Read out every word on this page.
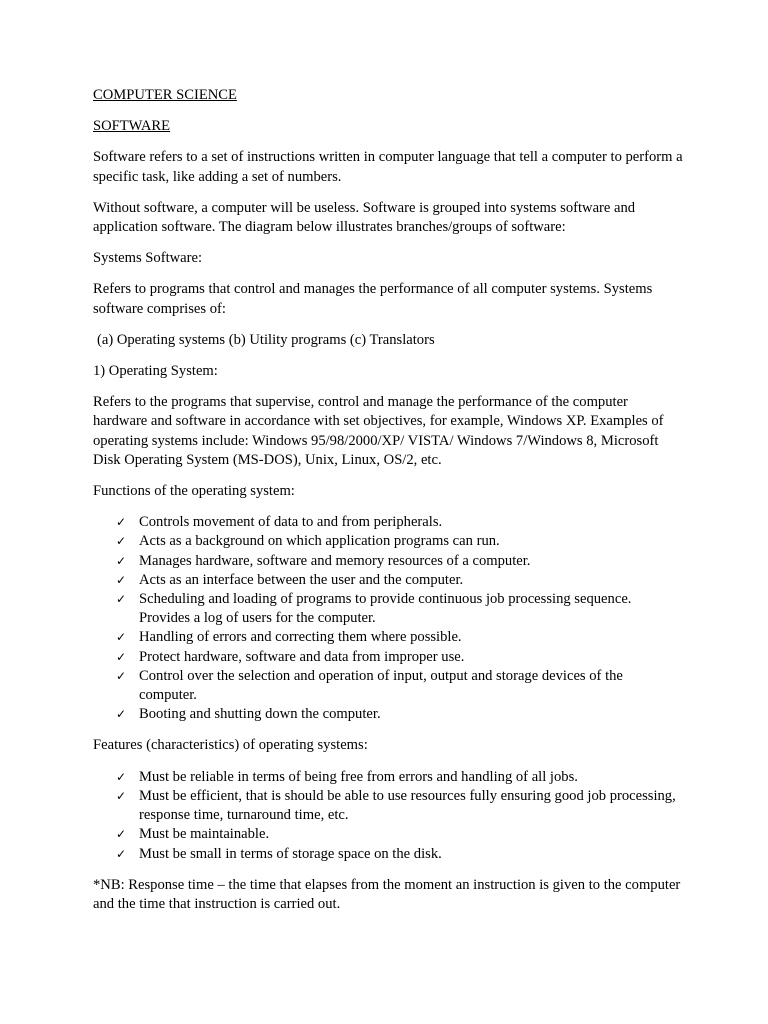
COMPUTER SCIENCE

SOFTWARE

Software refers to a set of instructions written in computer language that tell a computer to perform a specific task, like adding a set of numbers.

Without software, a computer will be useless. Software is grouped into systems software and application software. The diagram below illustrates branches/groups of software:

Systems Software:

Refers to programs that control and manages the performance of all computer systems. Systems software comprises of:

(a) Operating systems (b) Utility programs (c) Translators

1) Operating System:

Refers to the programs that supervise, control and manage the performance of the computer hardware and software in accordance with set objectives, for example, Windows XP. Examples of operating systems include: Windows 95/98/2000/XP/ VISTA/ Windows 7/Windows 8, Microsoft Disk Operating System (MS-DOS), Unix, Linux, OS/2, etc.

Functions of the operating system:

✓ Controls movement of data to and from peripherals.
✓ Acts as a background on which application programs can run.
✓ Manages hardware, software and memory resources of a computer.
✓ Acts as an interface between the user and the computer.
✓ Scheduling and loading of programs to provide continuous job processing sequence. Provides a log of users for the computer.
✓ Handling of errors and correcting them where possible.
✓ Protect hardware, software and data from improper use.
✓ Control over the selection and operation of input, output and storage devices of the computer.
✓ Booting and shutting down the computer.

Features (characteristics) of operating systems:

✓ Must be reliable in terms of being free from errors and handling of all jobs.
✓ Must be efficient, that is should be able to use resources fully ensuring good job processing, response time, turnaround time, etc.
✓ Must be maintainable.
✓ Must be small in terms of storage space on the disk.

*NB: Response time – the time that elapses from the moment an instruction is given to the computer and the time that instruction is carried out.
